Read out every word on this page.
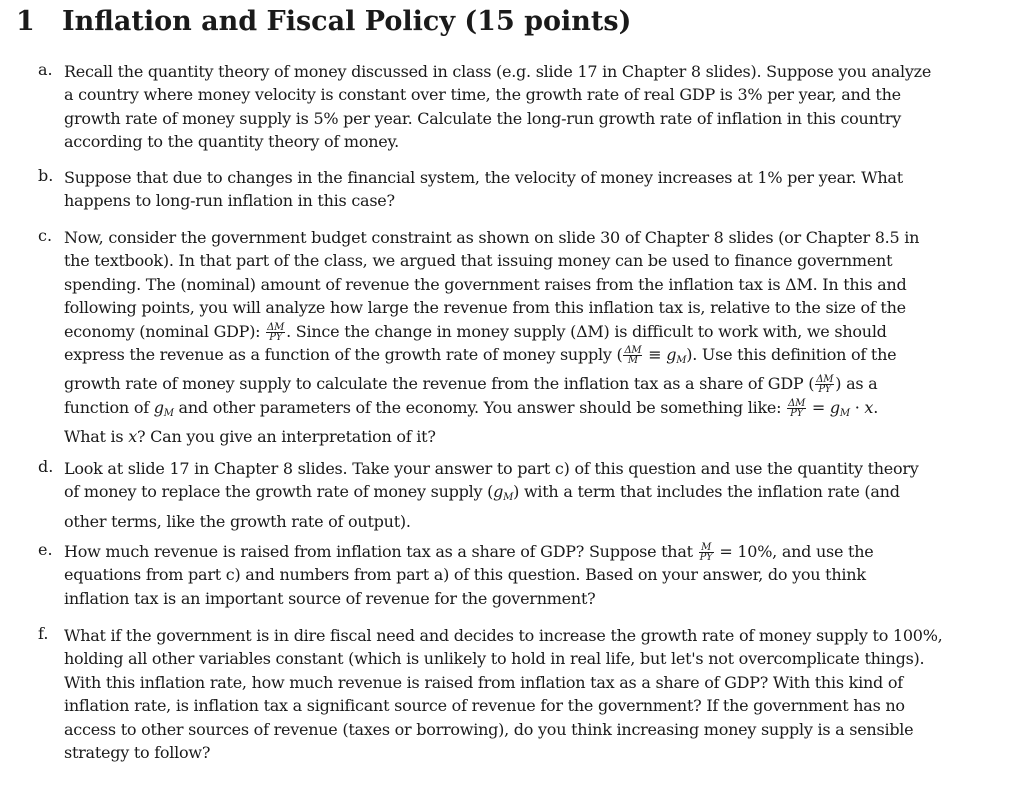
1 Inflation and Fiscal Policy (15 points)
a. Recall the quantity theory of money discussed in class (e.g. slide 17 in Chapter 8 slides). Suppose you analyze
a country where money velocity is constant over time, the growth rate of real GDP is 3% per year, and the
growth rate of money supply is 5% per year. Calculate the long-run growth rate of inflation in this country
according to the quantity theory of money.
b. Suppose that due to changes in the financial system, the velocity of money increases at 1% per year. What
happens to long-run inflation in this case?
c. Now, consider the government budget constraint as shown on slide 30 of Chapter 8 slides (or Chapter 8.5 in
the textbook). In that part of the class, we argued that issuing money can be used to finance government
spending. The (nominal) amount of revenue the government raises from the inflation tax is ΔM. In this and
following points, you will analyze how large the revenue from this inflation tax is, relative to the size of the
economy (nominal GDP): $\frac{\Delta M}{PY}$ . Since the change in money supply (ΔM) is difficult to work with, we should
express the revenue as a function of the growth rate of money supply ( $\frac{\Delta M}{M} \equiv g_M$). Use this definition of the
growth rate of money supply to calculate the revenue from the inflation tax as a share of GDP ( $\frac{\Delta M}{PY}$ ) as a
function of $g_M$ and other parameters of the economy. You answer should be something like: $\frac{\Delta M}{PY} = g_M \cdot x$.
What is x? Can you give an interpretation of it?
d. Look at slide 17 in Chapter 8 slides. Take your answer to part c) of this question and use the quantity theory
of money to replace the growth rate of money supply $(g_M)$ with a term that includes the inflation rate (and
other terms, like the growth rate of output).
e. How much revenue is raised from inflation tax as a share of GDP? Suppose that $\frac{M}{PY} = 10\%$, and use the
equations from part c) and numbers from part a) of this question. Based on your answer, do you think
inflation tax is an important source of revenue for the government?
f. What if the government is in dire fiscal need and decides to increase the growth rate of money supply to 100%,
holding all other variables constant (which is unlikely to hold in real life, but let's not overcomplicate things).
With this inflation rate, how much revenue is raised from inflation tax as a share of GDP? With this kind of
inflation rate, is inflation tax a significant source of revenue for the government? If the government has no
access to other sources of revenue (taxes or borrowing), do you think increasing money supply is a sensible
strategy to follow?
